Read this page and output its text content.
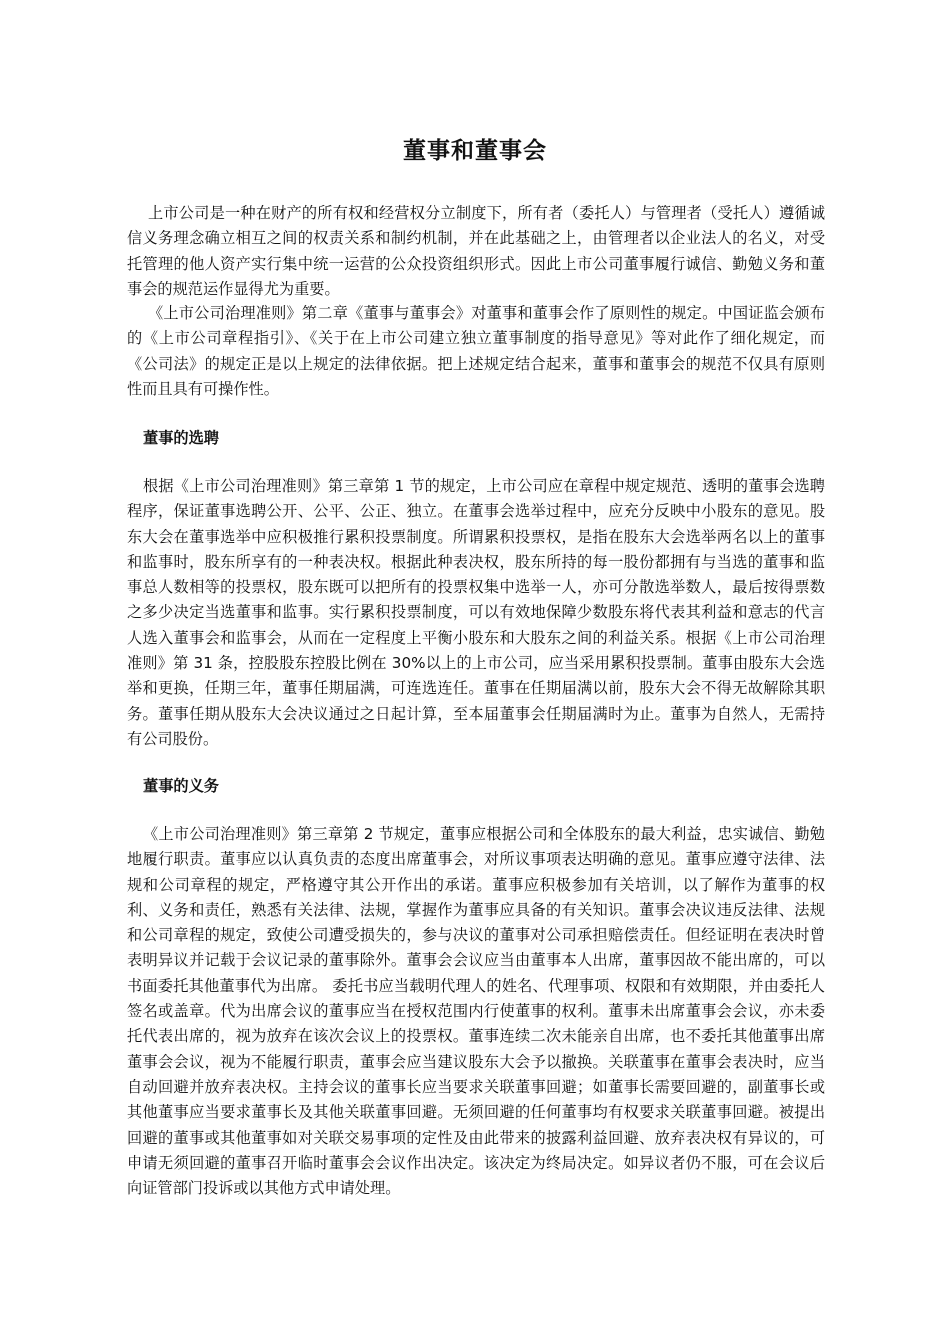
董事和董事会

上市公司是一种在财产的所有权和经营权分立制度下，所有者（委托人）与管理者（受托人）遵循诚信义务理念确立相互之间的权责关系和制约机制，并在此基础之上，由管理者以企业法人的名义，对受托管理的他人资产实行集中统一运营的公众投资组织形式。因此上市公司董事履行诚信、勤勉义务和董事会的规范运作显得尤为重要。

《上市公司治理准则》第二章《董事与董事会》对董事和董事会作了原则性的规定。中国证监会颁布的《上市公司章程指引》、《关于在上市公司建立独立董事制度的指导意见》等对此作了细化规定，而《公司法》的规定正是以上规定的法律依据。把上述规定结合起来，董事和董事会的规范不仅具有原则性而且具有可操作性。

董事的选聘

根据《上市公司治理准则》第三章第 1 节的规定，上市公司应在章程中规定规范、透明的董事会选聘程序，保证董事选聘公开、公平、公正、独立。在董事会选举过程中，应充分反映中小股东的意见。股东大会在董事选举中应积极推行累积投票制度。所谓累积投票权，是指在股东大会选举两名以上的董事和监事时，股东所享有的一种表决权。根据此种表决权，股东所持的每一股份都拥有与当选的董事和监事总人数相等的投票权，股东既可以把所有的投票权集中选举一人，亦可分散选举数人，最后按得票数之多少决定当选董事和监事。实行累积投票制度，可以有效地保障少数股东将代表其利益和意志的代言人选入董事会和监事会，从而在一定程度上平衡小股东和大股东之间的利益关系。根据《上市公司治理准则》第 31 条，控股股东控股比例在 30%以上的上市公司，应当采用累积投票制。董事由股东大会选举和更换，任期三年，董事任期届满，可连选连任。董事在任期届满以前，股东大会不得无故解除其职务。董事任期从股东大会决议通过之日起计算，至本届董事会任期届满时为止。董事为自然人，无需持有公司股份。

董事的义务

《上市公司治理准则》第三章第 2 节规定，董事应根据公司和全体股东的最大利益，忠实诚信、勤勉地履行职责。董事应以认真负责的态度出席董事会，对所议事项表达明确的意见。董事应遵守法律、法规和公司章程的规定，严格遵守其公开作出的承诺。董事应积极参加有关培训，以了解作为董事的权利、义务和责任，熟悉有关法律、法规，掌握作为董事应具备的有关知识。董事会决议违反法律、法规和公司章程的规定，致使公司遭受损失的，参与决议的董事对公司承担赔偿责任。但经证明在表决时曾表明异议并记载于会议记录的董事除外。董事会会议应当由董事本人出席，董事因故不能出席的，可以书面委托其他董事代为出席。 委托书应当载明代理人的姓名、代理事项、权限和有效期限，并由委托人签名或盖章。代为出席会议的董事应当在授权范围内行使董事的权利。董事未出席董事会会议，亦未委托代表出席的，视为放弃在该次会议上的投票权。董事连续二次未能亲自出席，也不委托其他董事出席董事会会议，视为不能履行职责，董事会应当建议股东大会予以撤换。关联董事在董事会表决时，应当自动回避并放弃表决权。主持会议的董事长应当要求关联董事回避；如董事长需要回避的，副董事长或其他董事应当要求董事长及其他关联董事回避。无须回避的任何董事均有权要求关联董事回避。被提出回避的董事或其他董事如对关联交易事项的定性及由此带来的披露利益回避、放弃表决权有异议的，可申请无须回避的董事召开临时董事会会议作出决定。该决定为终局决定。如异议者仍不服，可在会议后向证管部门投诉或以其他方式申请处理。
